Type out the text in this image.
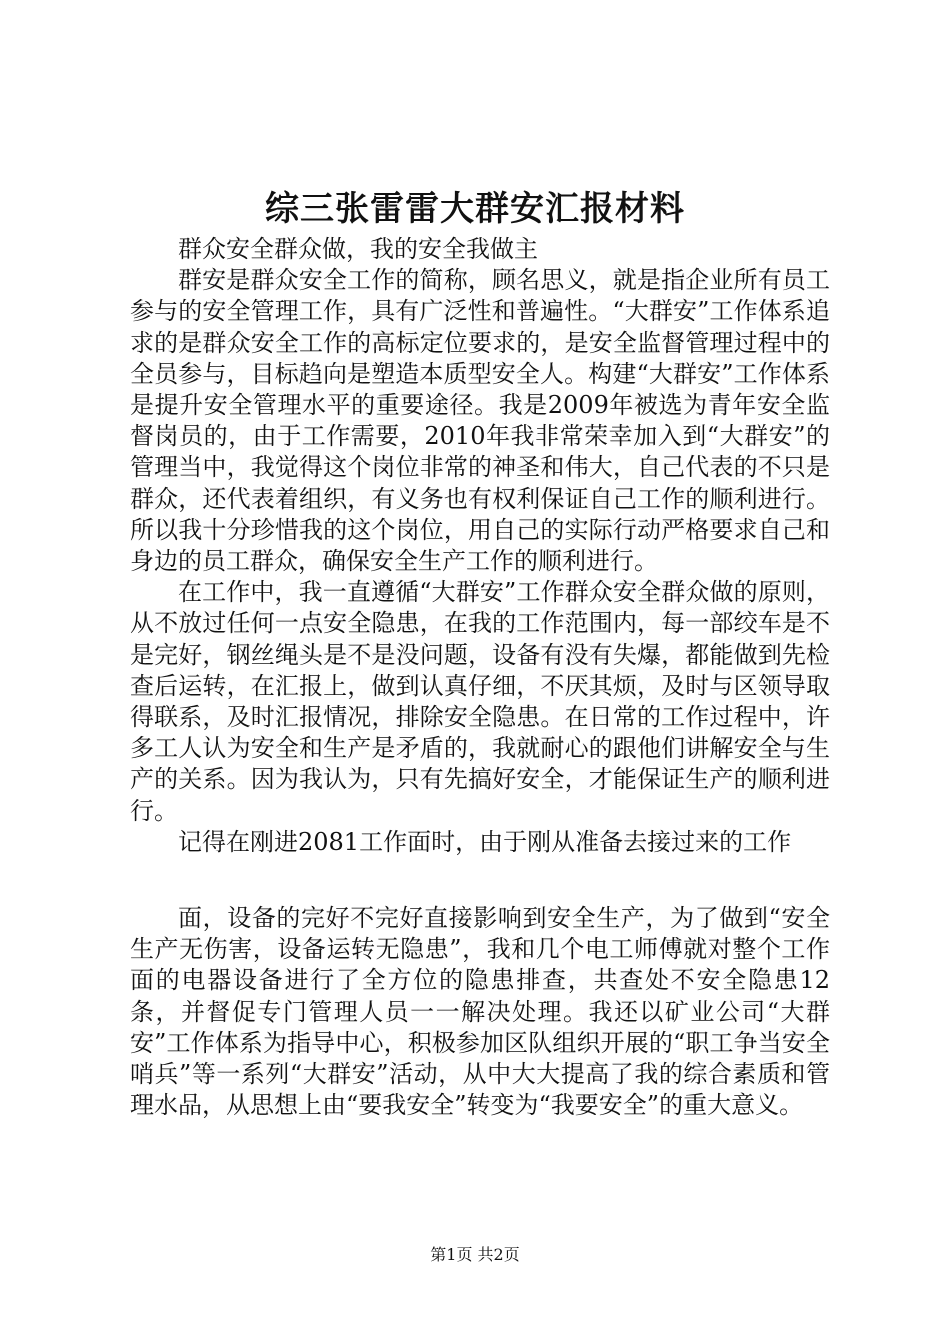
综三张雷雷大群安汇报材料

群众安全群众做，我的安全我做主

群安是群众安全工作的简称，顾名思义，就是指企业所有员工参与的安全管理工作，具有广泛性和普遍性。“大群安”工作体系追求的是群众安全工作的高标定位要求的，是安全监督管理过程中的全员参与，目标趋向是塑造本质型安全人。构建“大群安”工作体系是提升安全管理水平的重要途径。我是2009年被选为青年安全监督岗员的，由于工作需要，2010年我非常荣幸加入到“大群安”的管理当中，我觉得这个岗位非常的神圣和伟大，自己代表的不只是群众，还代表着组织，有义务也有权利保证自己工作的顺利进行。所以我十分珍惜我的这个岗位，用自己的实际行动严格要求自己和身边的员工群众，确保安全生产工作的顺利进行。

在工作中，我一直遵循“大群安”工作群众安全群众做的原则，从不放过任何一点安全隐患，在我的工作范围内，每一部绞车是不是完好，钢丝绳头是不是没问题，设备有没有失爆，都能做到先检查后运转，在汇报上，做到认真仔细，不厌其烦，及时与区领导取得联系，及时汇报情况，排除安全隐患。在日常的工作过程中，许多工人认为安全和生产是矛盾的，我就耐心的跟他们讲解安全与生产的关系。因为我认为，只有先搞好安全，才能保证生产的顺利进行。

记得在刚进2081工作面时，由于刚从准备去接过来的工作

面，设备的完好不完好直接影响到安全生产，为了做到“安全生产无伤害，设备运转无隐患”，我和几个电工师傅就对整个工作面的电器设备进行了全方位的隐患排查，共查处不安全隐患12条，并督促专门管理人员一一解决处理。我还以矿业公司“大群安”工作体系为指导中心，积极参加区队组织开展的“职工争当安全哨兵”等一系列“大群安”活动，从中大大提高了我的综合素质和管理水品，从思想上由“要我安全”转变为“我要安全”的重大意义。

第1页 共2页
